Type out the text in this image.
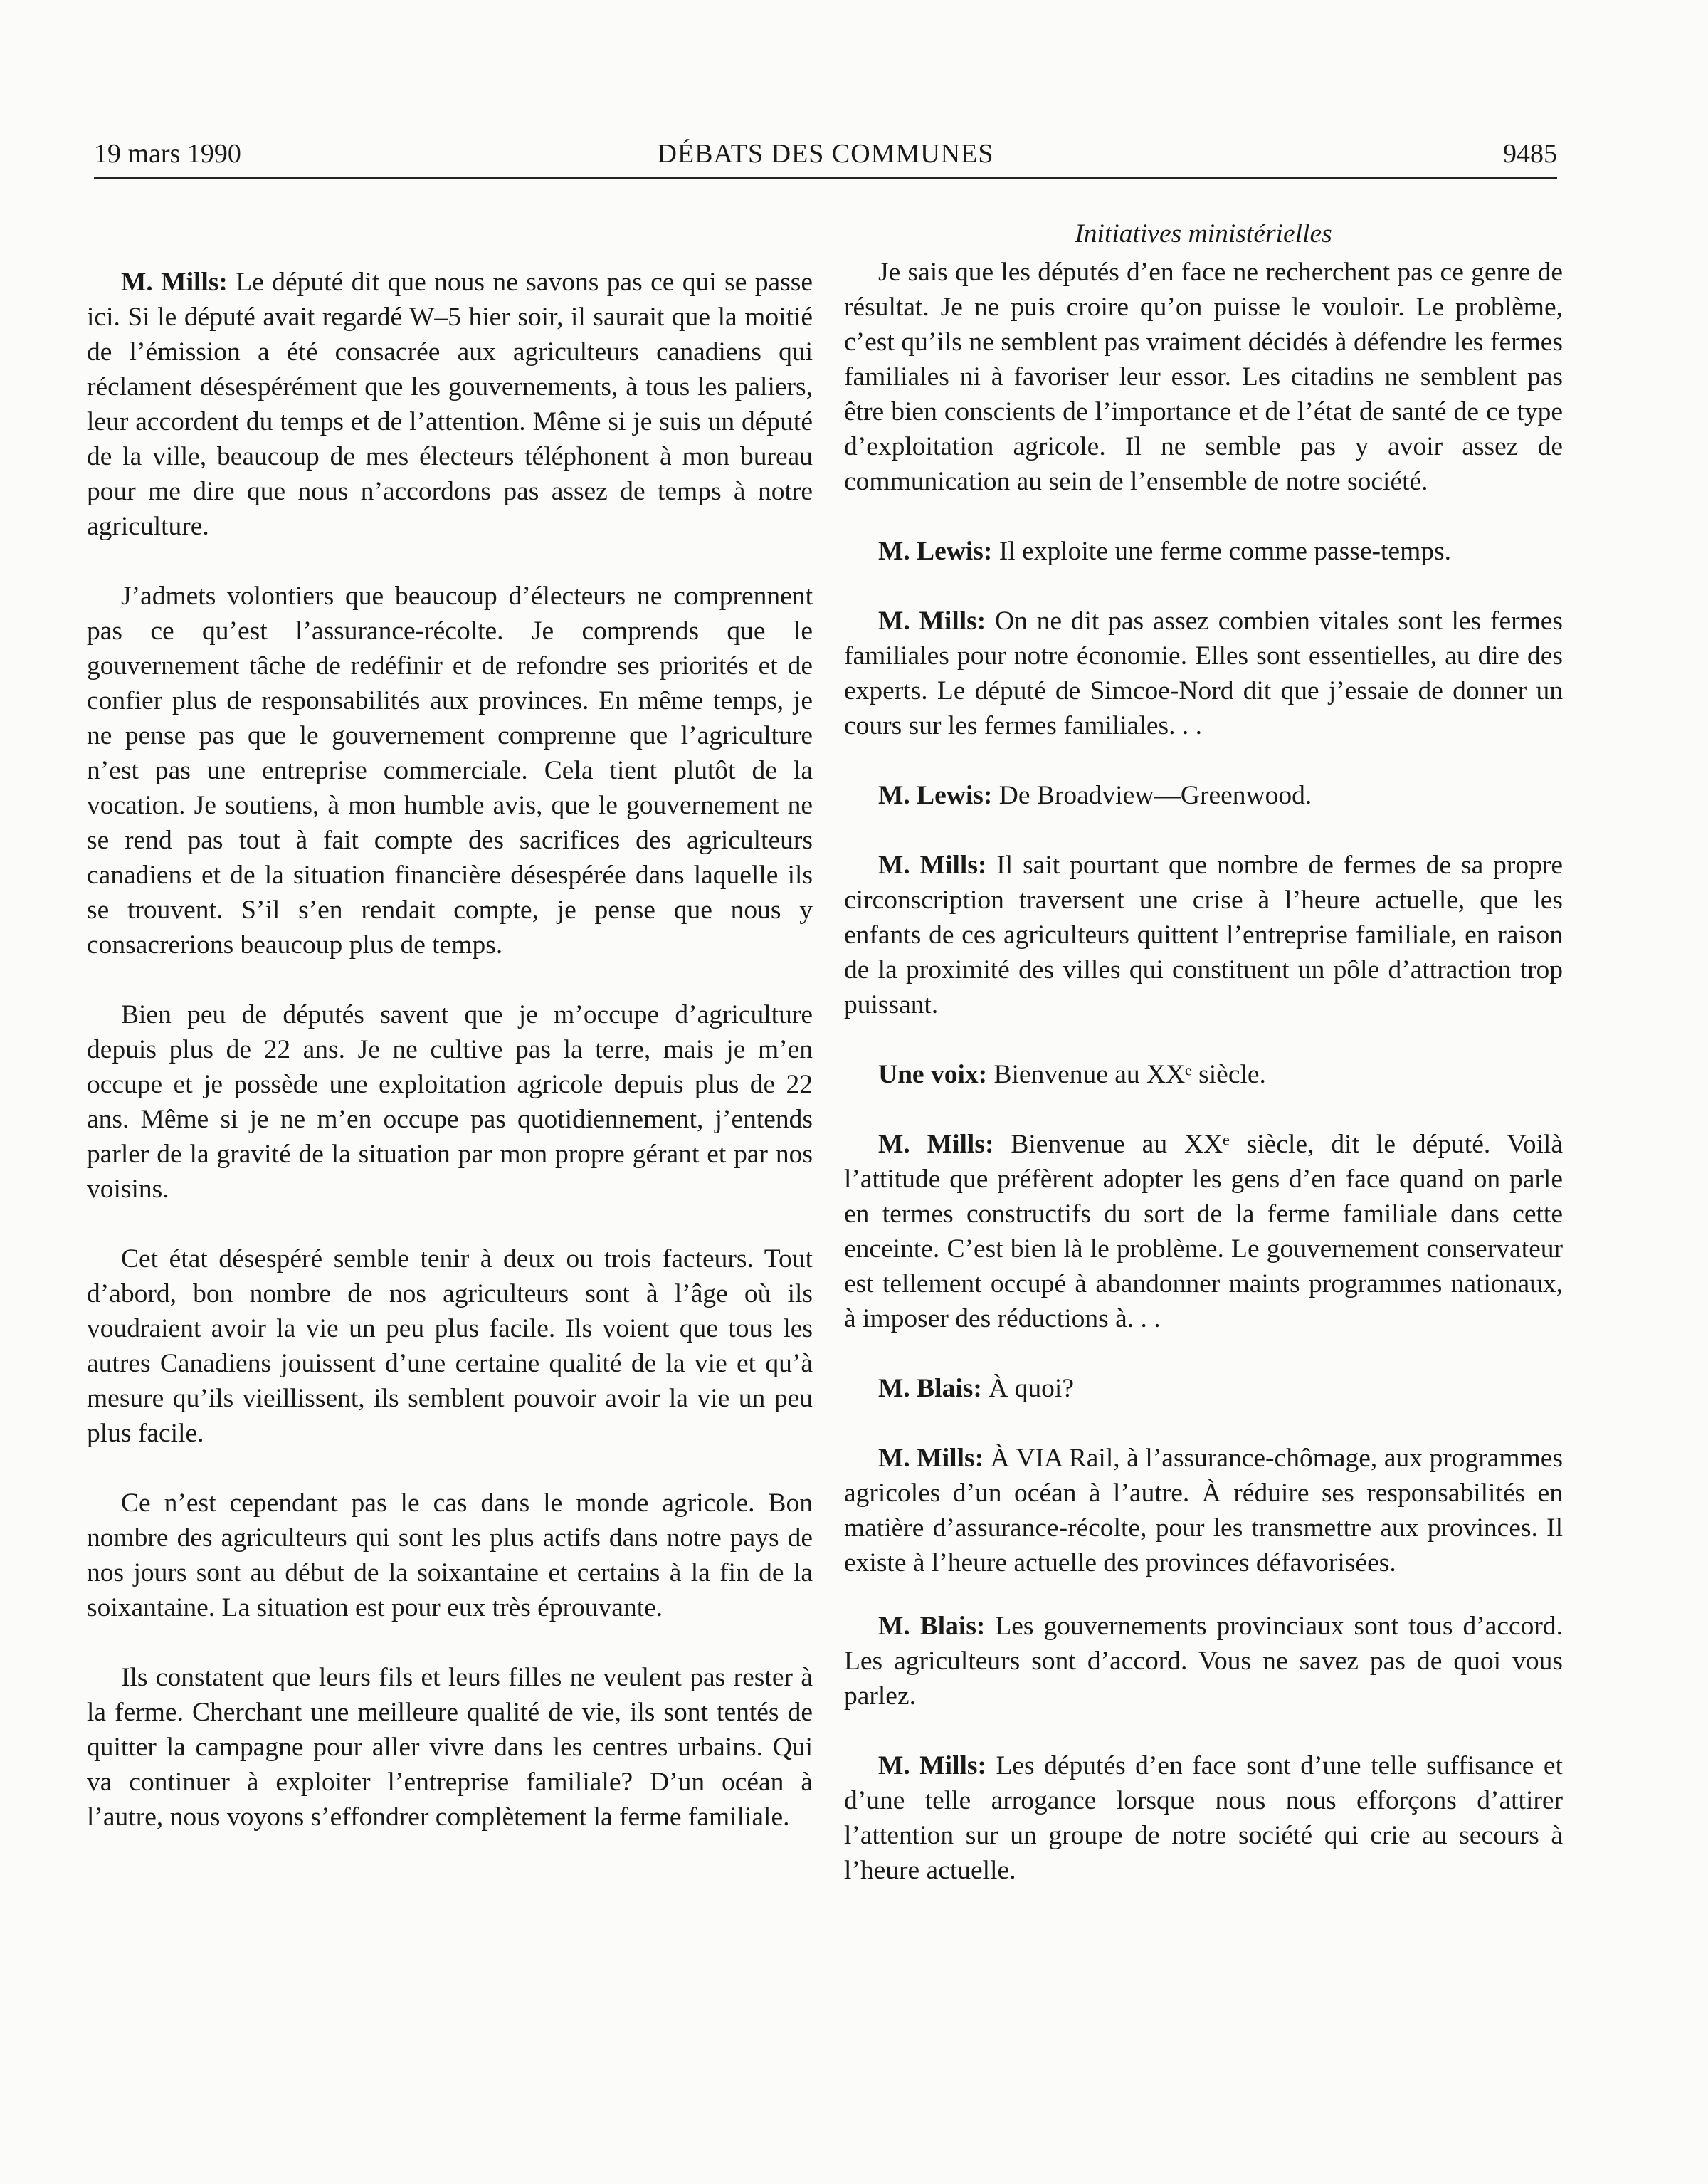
19 mars 1990	DÉBATS DES COMMUNES	9485

M. Mills: Le député dit que nous ne savons pas ce qui se passe ici. Si le député avait regardé W–5 hier soir, il saurait que la moitié de l’émission a été consacrée aux agriculteurs canadiens qui réclament désespérément que les gouvernements, à tous les paliers, leur accordent du temps et de l’attention. Même si je suis un député de la ville, beaucoup de mes électeurs téléphonent à mon bureau pour me dire que nous n’accordons pas assez de temps à notre agriculture.

J’admets volontiers que beaucoup d’électeurs ne comprennent pas ce qu’est l’assurance-récolte. Je comprends que le gouvernement tâche de redéfinir et de refondre ses priorités et de confier plus de responsabilités aux provinces. En même temps, je ne pense pas que le gouvernement comprenne que l’agriculture n’est pas une entreprise commerciale. Cela tient plutôt de la vocation. Je soutiens, à mon humble avis, que le gouvernement ne se rend pas tout à fait compte des sacrifices des agriculteurs canadiens et de la situation financière désespérée dans laquelle ils se trouvent. S’il s’en rendait compte, je pense que nous y consacrerions beaucoup plus de temps.

Bien peu de députés savent que je m’occupe d’agriculture depuis plus de 22 ans. Je ne cultive pas la terre, mais je m’en occupe et je possède une exploitation agricole depuis plus de 22 ans. Même si je ne m’en occupe pas quotidiennement, j’entends parler de la gravité de la situation par mon propre gérant et par nos voisins.

Cet état désespéré semble tenir à deux ou trois facteurs. Tout d’abord, bon nombre de nos agriculteurs sont à l’âge où ils voudraient avoir la vie un peu plus facile. Ils voient que tous les autres Canadiens jouissent d’une certaine qualité de la vie et qu’à mesure qu’ils vieillissent, ils semblent pouvoir avoir la vie un peu plus facile.

Ce n’est cependant pas le cas dans le monde agricole. Bon nombre des agriculteurs qui sont les plus actifs dans notre pays de nos jours sont au début de la soixantaine et certains à la fin de la soixantaine. La situation est pour eux très éprouvante.

Ils constatent que leurs fils et leurs filles ne veulent pas rester à la ferme. Cherchant une meilleure qualité de vie, ils sont tentés de quitter la campagne pour aller vivre dans les centres urbains. Qui va continuer à exploiter l’entreprise familiale? D’un océan à l’autre, nous voyons s’effondrer complètement la ferme familiale.

Initiatives ministérielles

Je sais que les députés d’en face ne recherchent pas ce genre de résultat. Je ne puis croire qu’on puisse le vouloir. Le problème, c’est qu’ils ne semblent pas vraiment décidés à défendre les fermes familiales ni à favoriser leur essor. Les citadins ne semblent pas être bien conscients de l’importance et de l’état de santé de ce type d’exploitation agricole. Il ne semble pas y avoir assez de communication au sein de l’ensemble de notre société.

M. Lewis: Il exploite une ferme comme passe-temps.

M. Mills: On ne dit pas assez combien vitales sont les fermes familiales pour notre économie. Elles sont essentielles, au dire des experts. Le député de Simcoe-Nord dit que j’essaie de donner un cours sur les fermes familiales. . .

M. Lewis: De Broadview—Greenwood.

M. Mills: Il sait pourtant que nombre de fermes de sa propre circonscription traversent une crise à l’heure actuelle, que les enfants de ces agriculteurs quittent l’entreprise familiale, en raison de la proximité des villes qui constituent un pôle d’attraction trop puissant.

Une voix: Bienvenue au XXᵉ siècle.

M. Mills: Bienvenue au XXᵉ siècle, dit le député. Voilà l’attitude que préfèrent adopter les gens d’en face quand on parle en termes constructifs du sort de la ferme familiale dans cette enceinte. C’est bien là le problème. Le gouvernement conservateur est tellement occupé à abandonner maints programmes nationaux, à imposer des réductions à. . .

M. Blais: À quoi?

M. Mills: À VIA Rail, à l’assurance-chômage, aux programmes agricoles d’un océan à l’autre. À réduire ses responsabilités en matière d’assurance-récolte, pour les transmettre aux provinces. Il existe à l’heure actuelle des provinces défavorisées.

M. Blais: Les gouvernements provinciaux sont tous d’accord. Les agriculteurs sont d’accord. Vous ne savez pas de quoi vous parlez.

M. Mills: Les députés d’en face sont d’une telle suffisance et d’une telle arrogance lorsque nous nous efforçons d’attirer l’attention sur un groupe de notre société qui crie au secours à l’heure actuelle.
